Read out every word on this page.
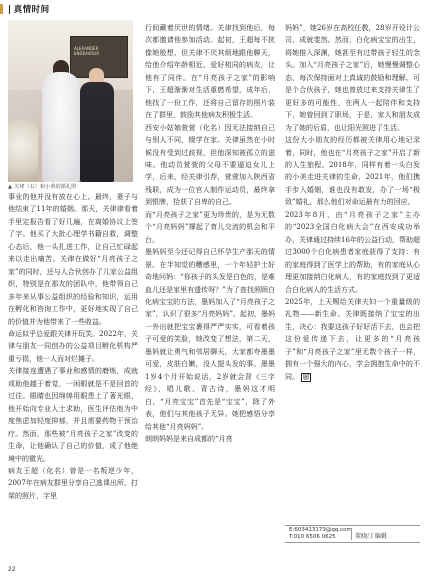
| 真情时间
ALEXANDER ENDEAVOUR
▲ 关律（右）和小黄的婚礼照

事业的他并没有放在心上。最终，妻子与他结束了11年的婚姻。那天，关律律看着手里定报告看了好几遍，在离婚协议上签了字。他买了大批心理学书籍自救，调整心态后，他一头扎进工作，让自己忙碌起来以走出痛苦。关律在做好“月亮孩子之家”的同时，还与人合伙创办了儿家公益组织，特别是在那友的团队中，他带领自己多年来从事公益组织的经验和知识，运用在孵化和咨询工作中，更好地实现了自己的价值并为他带来了一些收益。

命运似乎总爱跟关律开玩笑。2022年，关律与朋友一同创办的公益项目孵化机构严重亏损，他一人而对烂摊子。

关律接连遭遇了事业和感情的磨炼，成就或助他越于着觉，一闲眼就是不是回首的过往。眼睛也因绵绵用眼患上了著光眼，他开始向专业人士求助，医生评估他为中度焦虑加轻度抑郁，并且需要药物干预治疗。然而，那些被“月亮孩子之家”改变的生命，让他确认了自己的价值，成了他绝境中的微光。

病友王超（化名）曾是一名叛逆少年，2007年在病友群里分享自己逃课出所、打架的照片，字里

行间藏着厌世的情绪。关律找到他后，每次都邀请他参加活动。起初，王超每不扰像她般想，但关律不厌其烦地跟他聊天，给他介绍年龄相近、爱好相同的病友，让他有了同伴。在“月亮孩子之家”的影响下，王超渐渐对生活重燃希望，成年后，他找了一份工作，还将自己留存的照片装在了群里，鼓励其他病友积极生活。

西安小姑娘萱萱（化名）因无法接纳自己与别人不同，辍学在家。关律虽然在小时候没有受到过歧视，但他深知被孤立的滋味。他动员萱萱的父母不要逼迫女儿上学，后来，经关律引荐，萱萱加入陕西省残联，成为一位官人制作运动员，最终拿到银牌，拾获了自卑的自己。

而“月亮孩子之家”更为珍贵的，是为无数个“月亮妈妈”撑起了育儿交流的机会和平台。

墨妈妈至今还记得自己怀孕生产那天的情景。在半知觉的糟感里，一个年轻护士好奇地问妈：“你孩子的头发是白色的，是难血儿还是家里有遗传呀？”为了查找照顾白化病宝宝的方法，墨妈加入了“月亮孩子之家”，认识了很多“月亮妈妈”。起初，墨妈一外出就把宝宝裹得严严实实，可看着孩子可爱的笑脸，她改变了想法，第二天，墨妈就让勇气和邻居聊天，大家都夸墨墨可爱，皮肤白嫩，没人提头发的事。墨墨1岁4个月开始说话，2岁就会背《三字经》，唱儿歌、背古诗，墨妈这才明白，“月亮宝宝”首先是“宝宝”，除了外表，他们与其他孩子无异。她把感悟分享给其他“月亮妈妈”。

朗朗妈妈是来自成都的“月亮

妈妈”，她26岁在高校任教，28岁开设计公司，成就斐然。然而，白化病宝宝的出生，将她推入深渊，她甚至有过带孩子轻生的念头。加入“月亮孩子之家”后，她慢慢调整心态，每次保持面对上真诚的鼓励和理解。可是个合伙孩子，她也曾放过来支持关律生了更好多的可能性，在两人一起陪伴和支持下，她曾回到了职场，于是，家人和朋友成为了她的后盾，也让阳光照进了生活。

这份大小朋友的经历都被关律用心地记录着，同时，他也在“月亮孩子之家”开启了新的人生旅程。2018年，同样有着一头白发的小美走进关律的生命，2021年，他们携手步入婚姻，谁也没有敢发，办了一场“极致”婚礼，那么他们对命运最有力的回应。

2023年8月，由“月亮孩子之家”主办的“2023全国白化病大会”在西安成功举办，关律通过持续16年的公益行动，帮助超过3000个白化病患者家庭获得了支持：有的家庭得到了医学上的帮助，有的家庭从心理更加接纳白化病人，有的家庭找到了更适合白化病人的生活方式。

2025年，上天赐给关律夫妇一个重量级的礼物——新生命。关律既接纳了宝宝的出生，决心：我要这孩子好好活下去，也会把这份爱传递下去，让更多的“月亮孩子”和“月亮孩子之家”里无数个孩子一样，拥有一个强大的内心，学会拥抱生命中的不同。 ㊣

E:603413173@qq.com
T:010 6506 0625	董晓汀 编辑
22
